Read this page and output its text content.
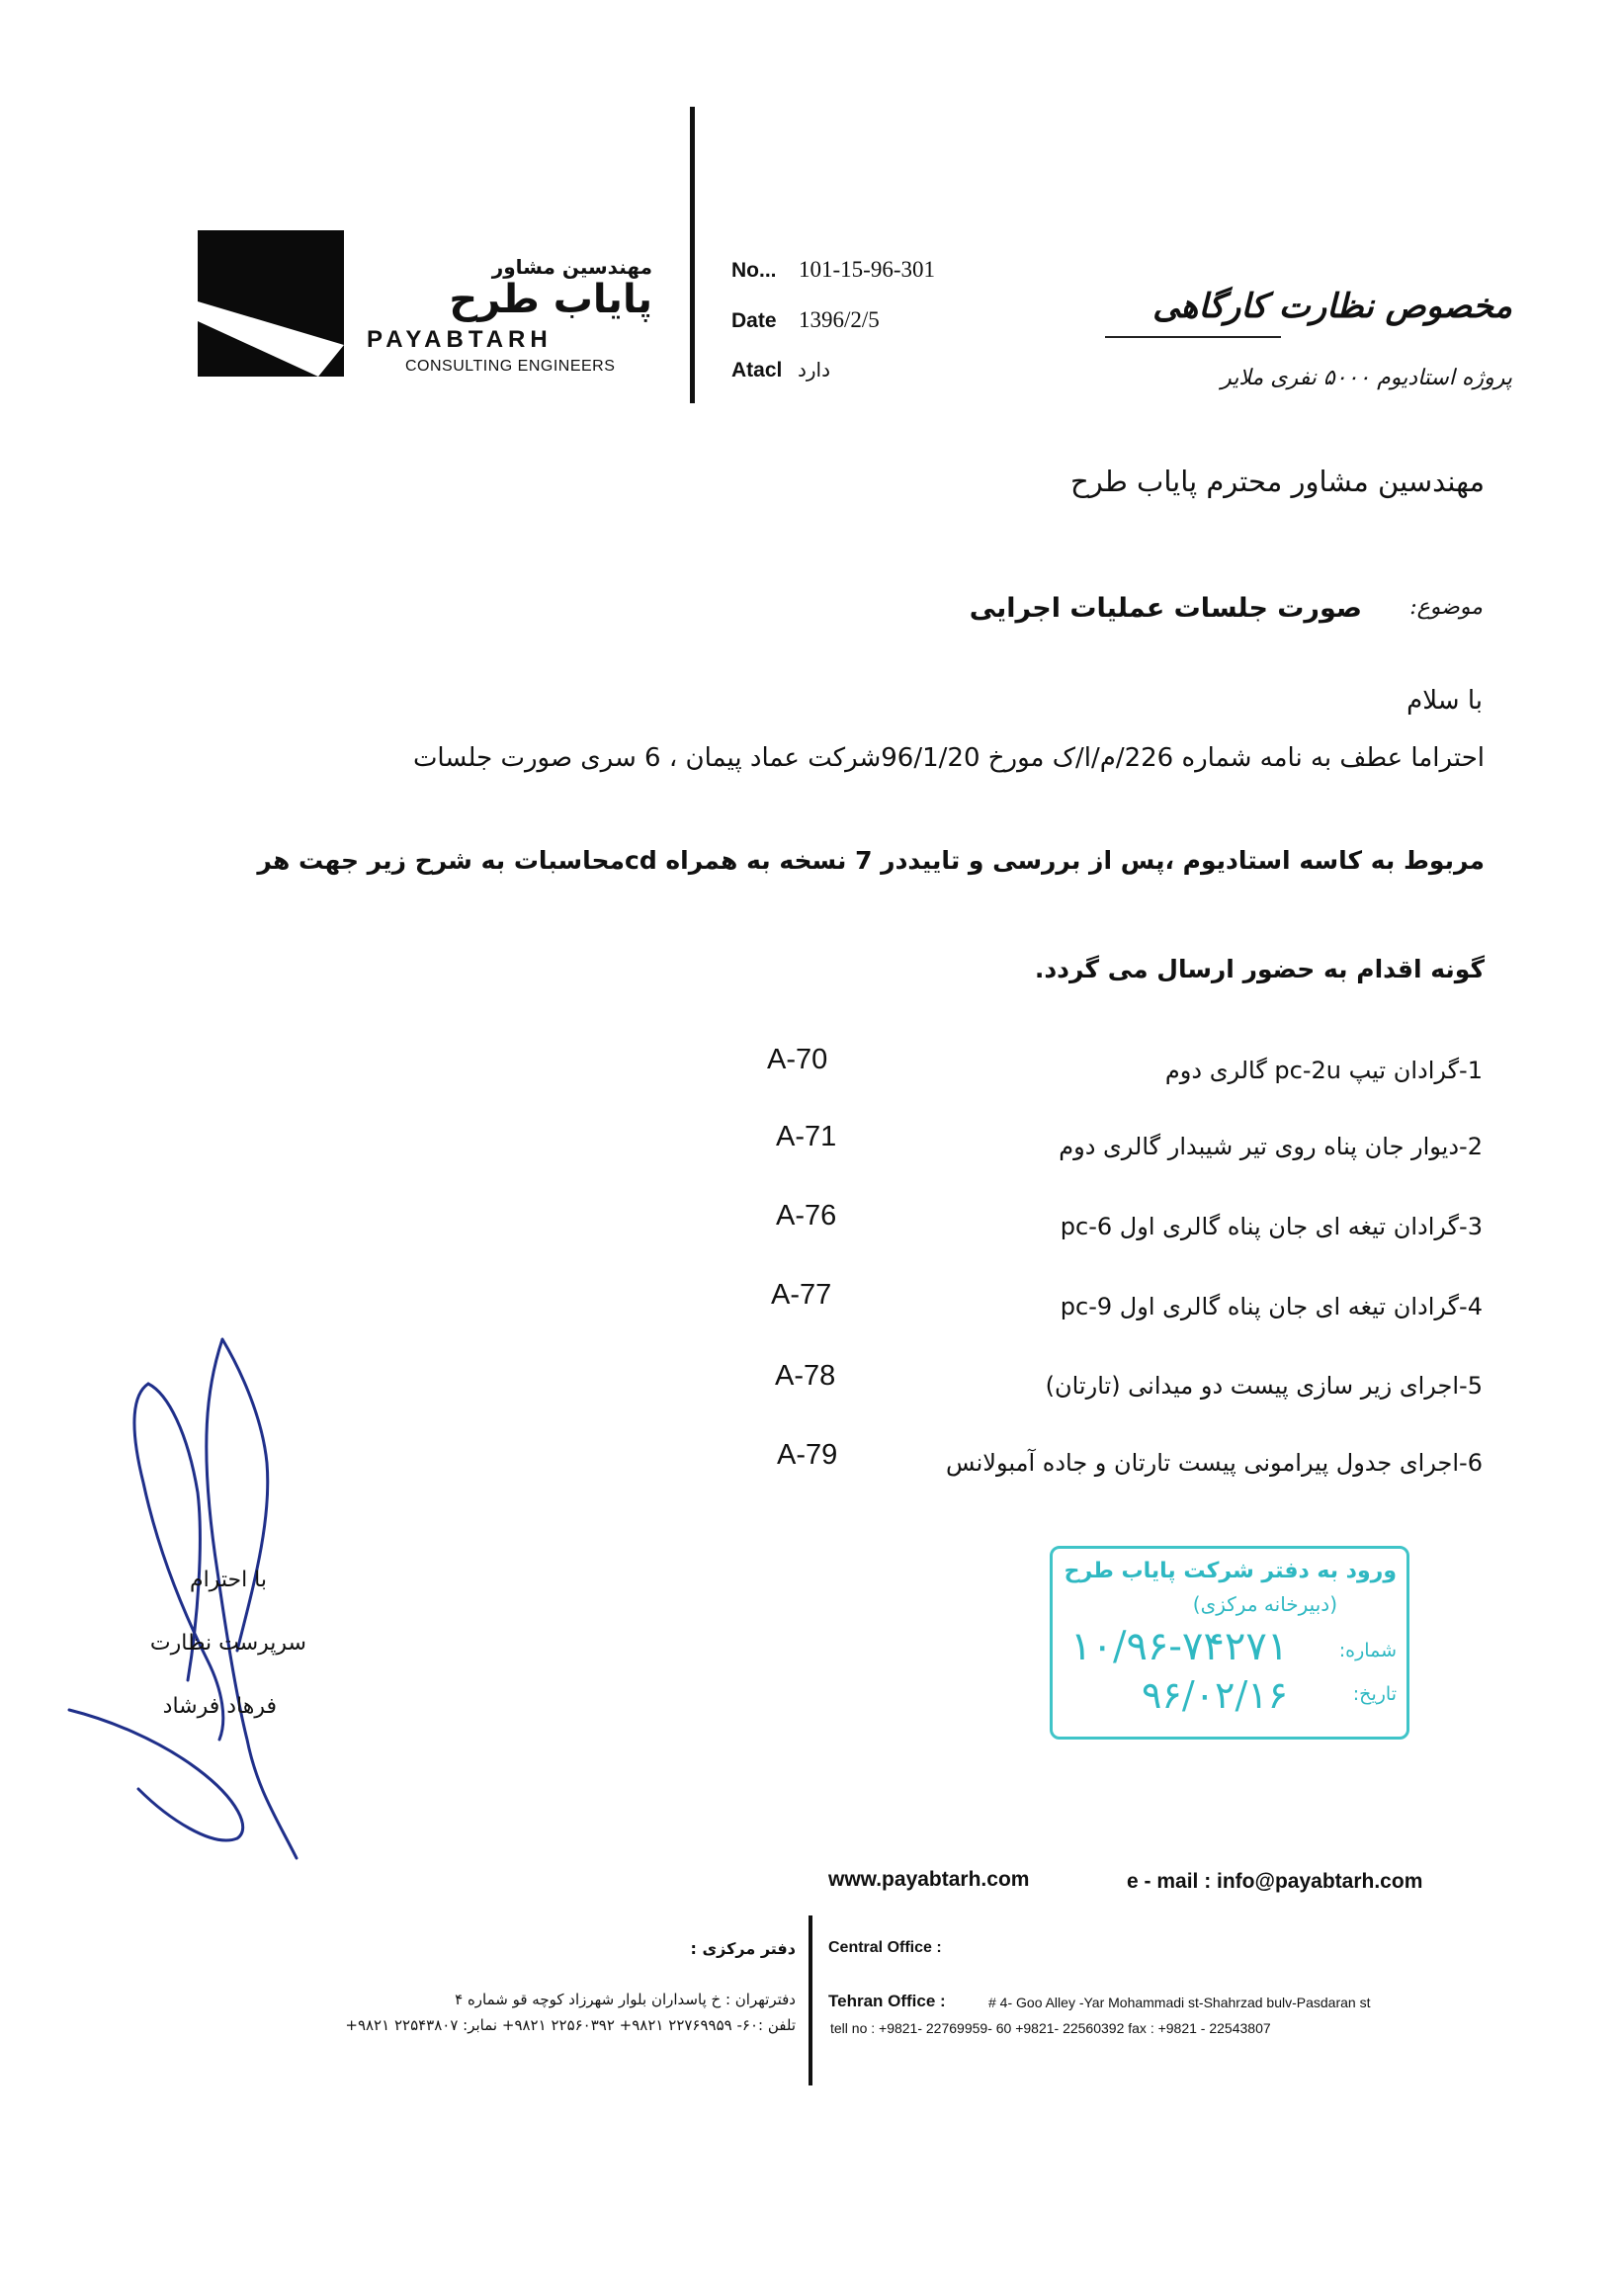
مهندسین مشاور
پایاب طرح
PAYABTARH
CONSULTING ENGINEERS
No... 101-15-96-301
Date 1396/2/5
Atacl دارد
مخصوص نظارت کارگاهی
پروژه استادیوم ۵۰۰۰ نفری ملایر
مهندسین مشاور محترم پایاب طرح
موضوع:
صورت جلسات عملیات اجرایی
با سلام
احتراما عطف به نامه شماره 226/م/ا/ک مورخ 96/1/20شرکت عماد پیمان ، 6 سری صورت جلسات
مربوط به کاسه استادیوم ،پس از بررسی و تاییددر 7 نسخه به همراه cdمحاسبات به شرح زیر جهت هر
گونه اقدام به حضور ارسال می گردد.
1-گرادان تیپ pc-2u گالری دوم
A-70
2-دیوار جان پناه روی تیر شیبدار گالری دوم
A-71
3-گرادان تیغه ای جان پناه گالری اول pc-6
A-76
4-گرادان تیغه ای جان پناه گالری اول pc-9
A-77
5-اجرای زیر سازی پیست دو میدانی (تارتان)
A-78
6-اجرای جدول پیرامونی پیست تارتان و جاده آمبولانس
A-79
با احترام
سرپرست نظارت
فرهاد فرشاد
ورود به دفتر شرکت پایاب طرح
(دبیرخانه مرکزی)
شماره:
تاریخ:
۱۰/۹۶-۷۴۲۷۱
۹۶/۰۲/۱۶
www.payabtarh.com	e - mail : info@payabtarh.com
دفتر مرکزی : Central Office :
Tehran Office :	# 4- Goo Alley -Yar Mohammadi st-Shahrzad bulv-Pasdaran st
tell no : +9821- 22769959- 60 +9821- 22560392 fax : +9821 - 22543807
دفترتهران : خ پاسداران بلوار شهرزاد کوچه قو شماره ۴
تلفن :۶۰- ۲۲۷۶۹۹۵۹ ۹۸۲۱+ ۲۲۵۶۰۳۹۲ ۹۸۲۱+ نمابر: ۲۲۵۴۳۸۰۷ ۹۸۲۱+
